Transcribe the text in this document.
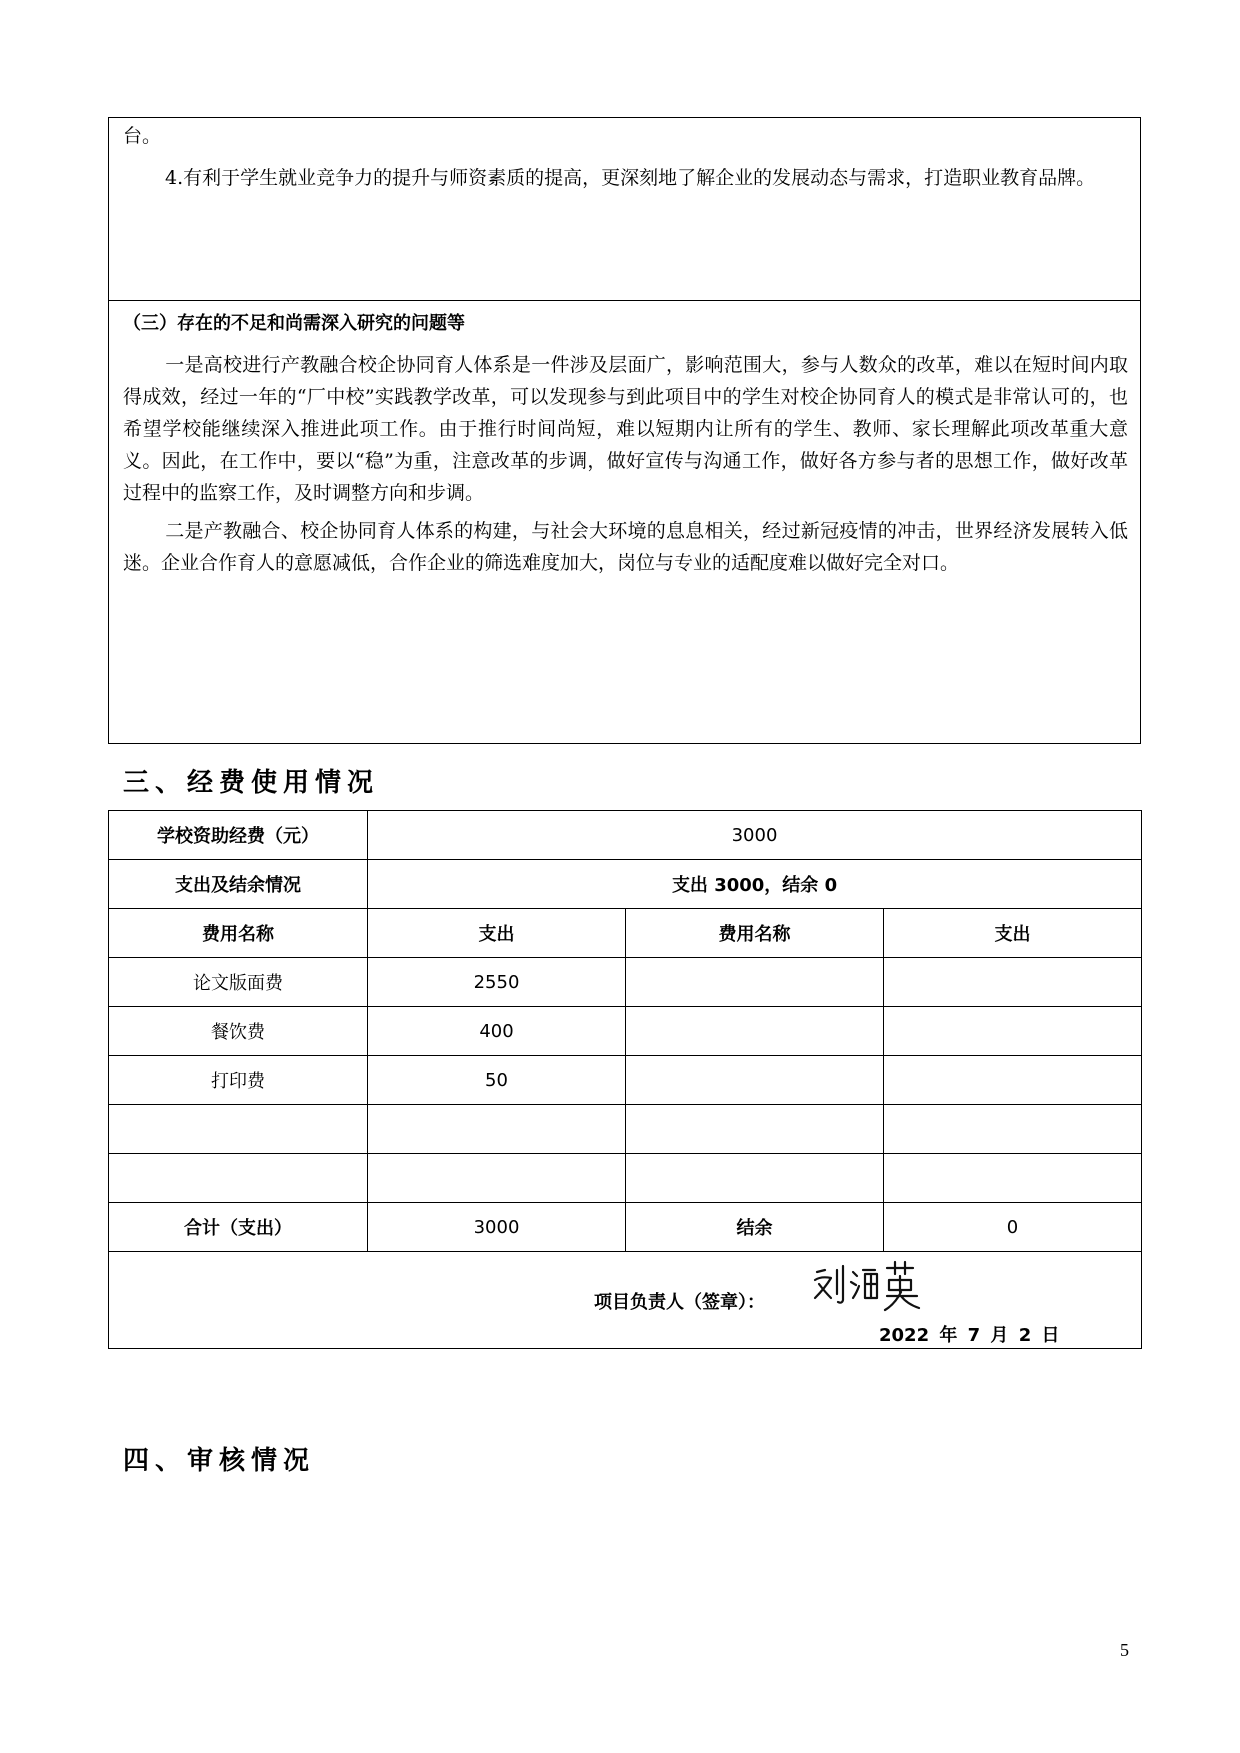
台。
4.有利于学生就业竞争力的提升与师资素质的提高，更深刻地了解企业的发展动态与需求，打造职业教育品牌。
（三）存在的不足和尚需深入研究的问题等
一是高校进行产教融合校企协同育人体系是一件涉及层面广，影响范围大，参与人数众的改革，难以在短时间内取得成效，经过一年的“厂中校”实践教学改革，可以发现参与到此项目中的学生对校企协同育人的模式是非常认可的，也希望学校能继续深入推进此项工作。由于推行时间尚短，难以短期内让所有的学生、教师、家长理解此项改革重大意义。因此，在工作中，要以“稳”为重，注意改革的步调，做好宣传与沟通工作，做好各方参与者的思想工作，做好改革过程中的监察工作，及时调整方向和步调。
二是产教融合、校企协同育人体系的构建，与社会大环境的息息相关，经过新冠疫情的冲击，世界经济发展转入低迷。企业合作育人的意愿减低，合作企业的筛选难度加大，岗位与专业的适配度难以做好完全对口。
三、经费使用情况
学校资助经费（元）	3000		
支出及结余情况	支出 3000，结余 0		
费用名称	支出	费用名称	支出
论文版面费	2550		
餐饮费	400		
打印费	50		

合计（支出）	3000	结余	0

项目负责人（签章）：
2022 年 7 月 2 日			
四、审核情况
5
